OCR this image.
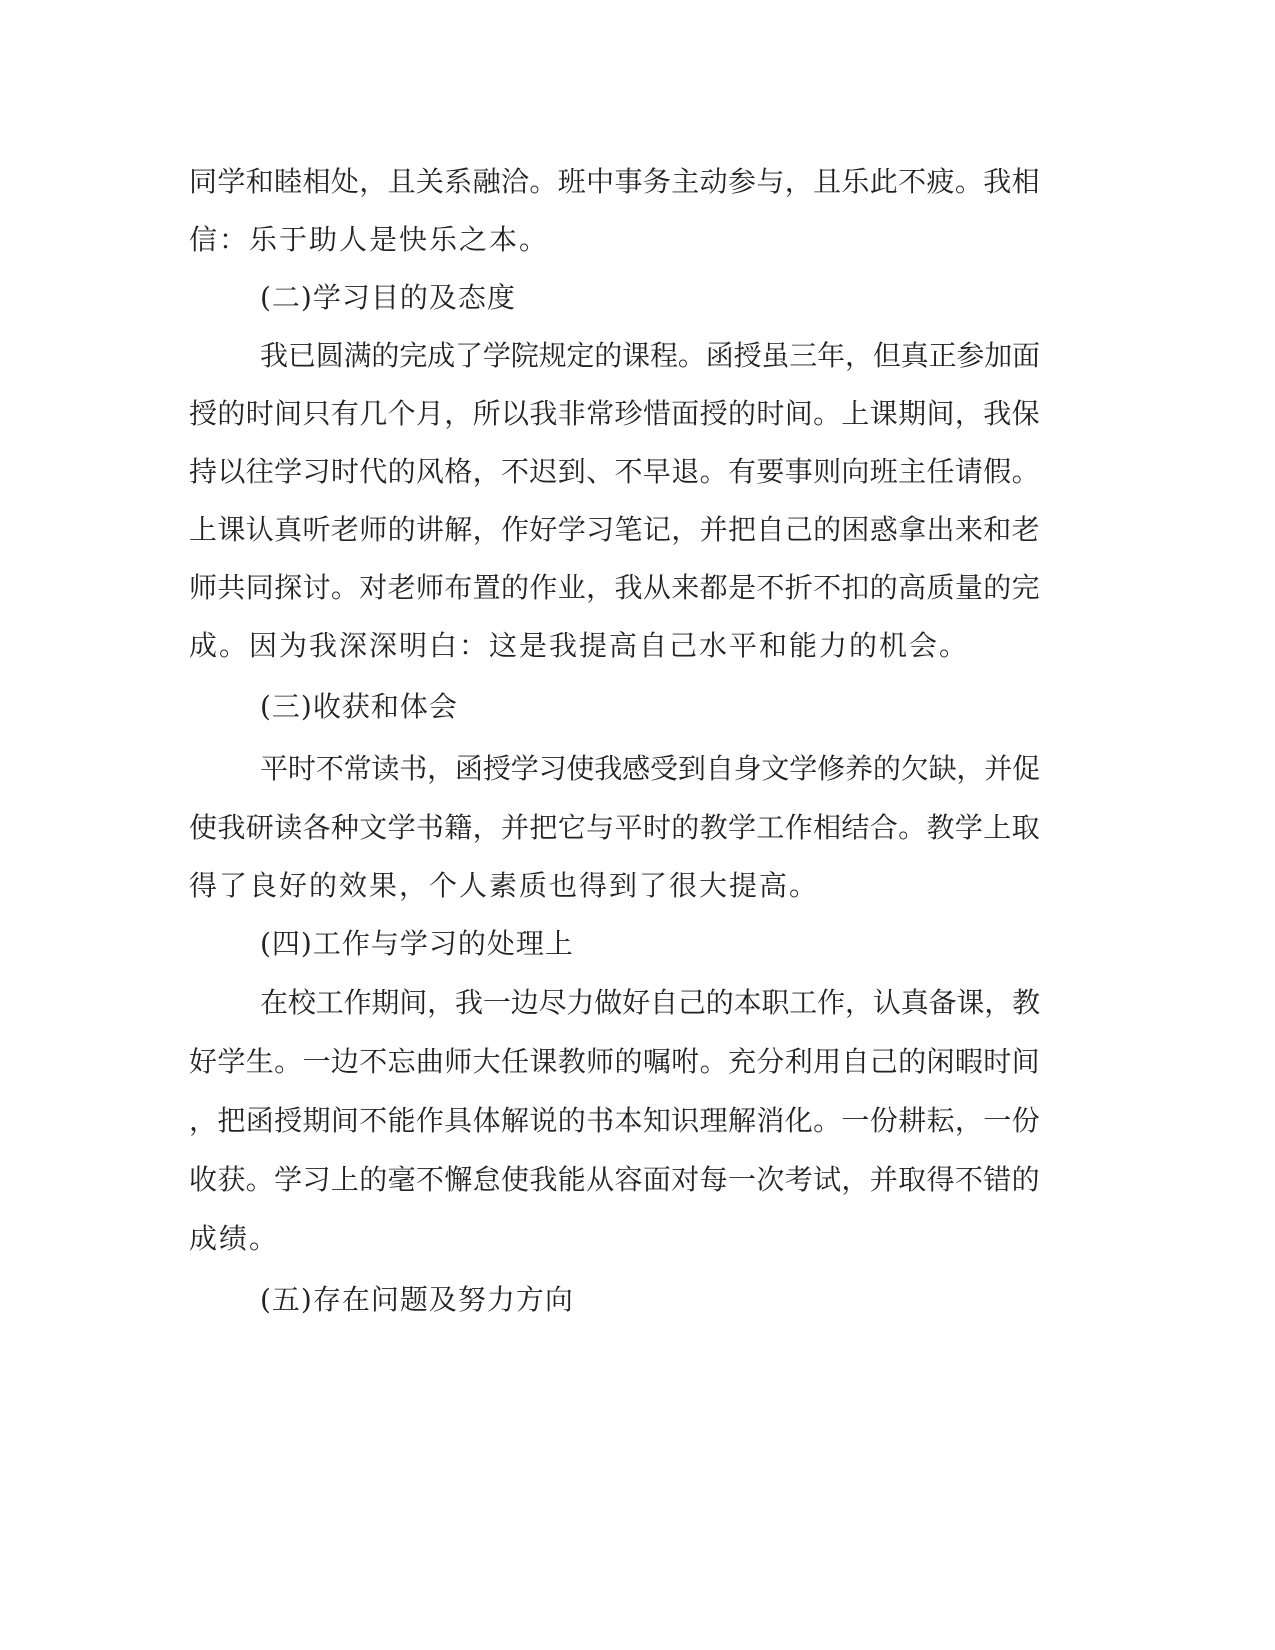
同学和睦相处，且关系融洽。班中事务主动参与，且乐此不疲。我相
信：乐于助人是快乐之本。
(二)学习目的及态度
我已圆满的完成了学院规定的课程。函授虽三年，但真正参加面
授的时间只有几个月，所以我非常珍惜面授的时间。上课期间，我保
持以往学习时代的风格，不迟到、不早退。有要事则向班主任请假。
上课认真听老师的讲解，作好学习笔记，并把自己的困惑拿出来和老
师共同探讨。对老师布置的作业，我从来都是不折不扣的高质量的完
成。因为我深深明白：这是我提高自己水平和能力的机会。
(三)收获和体会
平时不常读书，函授学习使我感受到自身文学修养的欠缺，并促
使我研读各种文学书籍，并把它与平时的教学工作相结合。教学上取
得了良好的效果，个人素质也得到了很大提高。
(四)工作与学习的处理上
在校工作期间，我一边尽力做好自己的本职工作，认真备课，教
好学生。一边不忘曲师大任课教师的嘱咐。充分利用自己的闲暇时间
，把函授期间不能作具体解说的书本知识理解消化。一份耕耘，一份
收获。学习上的毫不懈怠使我能从容面对每一次考试，并取得不错的
成绩。
(五)存在问题及努力方向
